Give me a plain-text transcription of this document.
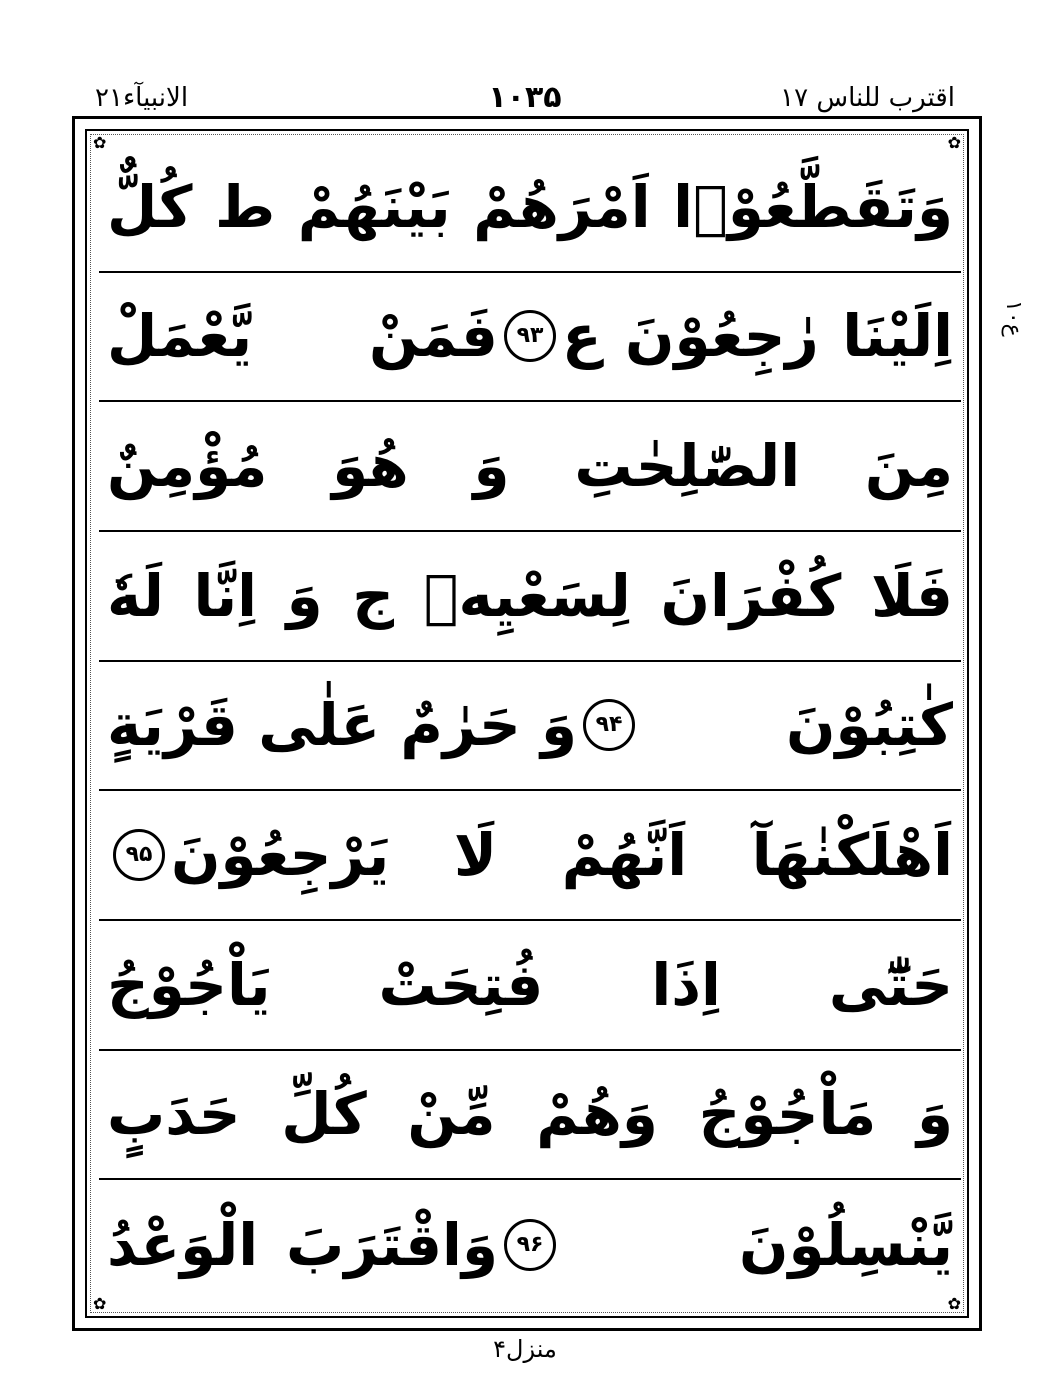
الانبیآء۲۱	۱۰۳۵	اقترب للناس ۱۷
ع۱۰
✿	✿
✿	✿
وَتَقَطَّعُوْۤا اَمْرَهُمْ بَيْنَهُمْ ط كُلٌّ
اِلَيْنَا رٰجِعُوْنَ ع
۹۳
فَمَنْ يَّعْمَلْ
مِنَ الصّٰلِحٰتِ وَ هُوَ مُؤْمِنٌ
فَلَا كُفْرَانَ لِسَعْيِهٖ ج وَ اِنَّا لَهٗ
كٰتِبُوْنَ
۹۴
وَ حَرٰمٌ عَلٰى قَرْيَةٍ
اَهْلَكْنٰهَآ اَنَّهُمْ لَا يَرْجِعُوْنَ
۹۵
حَتّٰٓى اِذَا فُتِحَتْ يَاْجُوْجُ
وَ مَاْجُوْجُ وَهُمْ مِّنْ كُلِّ حَدَبٍ
يَّنْسِلُوْنَ
۹۶
وَاقْتَرَبَ الْوَعْدُ
منزل۴
